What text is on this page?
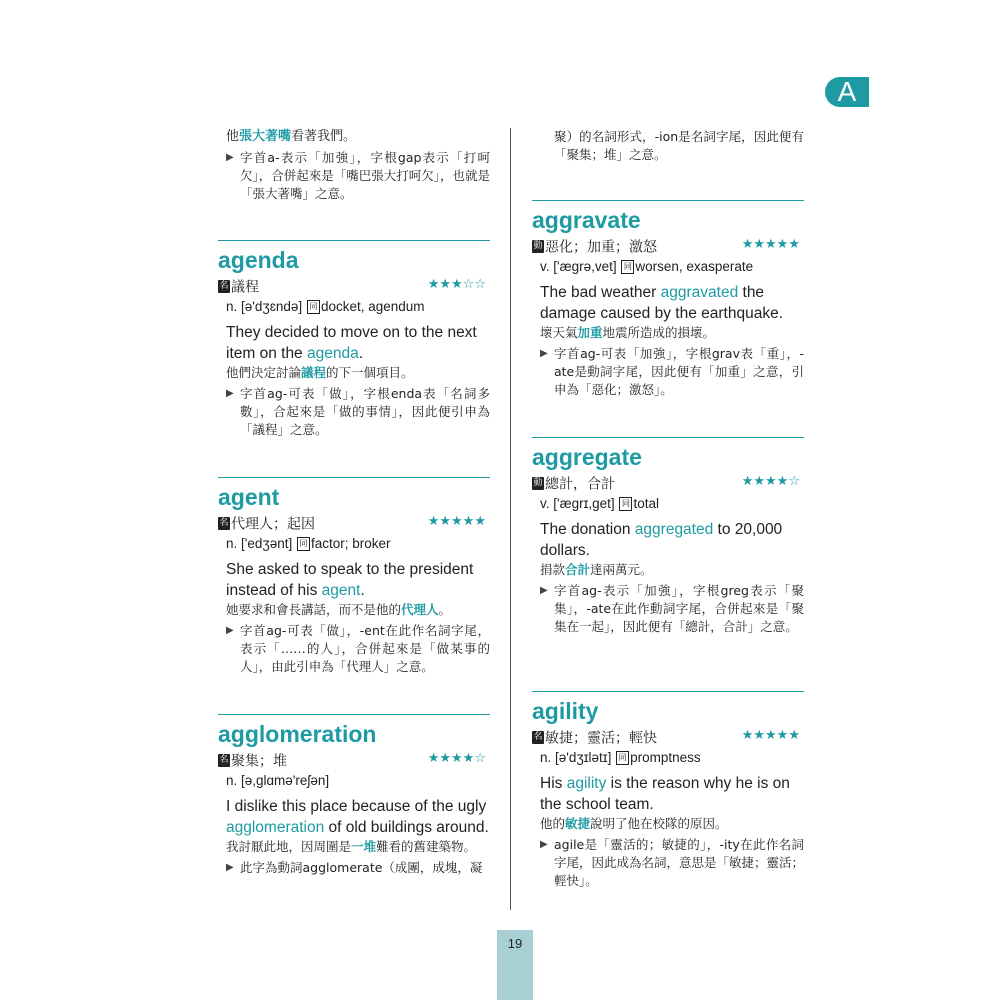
A
19
他張大著嘴看著我們。
▶ 字首a-表示「加強」，字根gap表示「打呵欠」，合併起來是「嘴巴張大打呵欠」，也就是「張大著嘴」之意。
agenda
名 議程	★★★☆☆
n. [ə'dʒɛndə] 同 docket, agendum
They decided to move on to the next item on the agenda.
他們決定討論議程的下一個項目。
▶ 字首ag-可表「做」，字根enda表「名詞多數」，合起來是「做的事情」，因此便引申為「議程」之意。
agent
名 代理人；起因	★★★★★
n. ['edʒənt] 同 factor; broker
She asked to speak to the president instead of his agent.
她要求和會長講話，而不是他的代理人。
▶ 字首ag-可表「做」，-ent在此作名詞字尾，表示「……的人」，合併起來是「做某事的人」，由此引申為「代理人」之意。
agglomeration
名 聚集；堆	★★★★☆
n. [ə,glɑmə'reʃən]
I dislike this place because of the ugly agglomeration of old buildings around.
我討厭此地，因周圍是一堆難看的舊建築物。
▶ 此字為動詞agglomerate（成團，成塊，凝
聚）的名詞形式，-ion是名詞字尾，因此便有「聚集；堆」之意。
aggravate
動 惡化；加重；激怒	★★★★★
v. ['ægrə,vet] 同 worsen, exasperate
The bad weather aggravated the damage caused by the earthquake.
壞天氣加重地震所造成的損壞。
▶ 字首ag-可表「加強」，字根grav表「重」，-ate是動詞字尾，因此便有「加重」之意，引申為「惡化；激怒」。
aggregate
動 總計，合計	★★★★☆
v. ['ægrɪ,get] 同 total
The donation aggregated to 20,000 dollars.
捐款合計達兩萬元。
▶ 字首ag-表示「加強」，字根greg表示「聚集」，-ate在此作動詞字尾，合併起來是「聚集在一起」，因此便有「總計，合計」之意。
agility
名 敏捷；靈活；輕快	★★★★★
n. [ə'dʒɪlətɪ] 同 promptness
His agility is the reason why he is on the school team.
他的敏捷說明了他在校隊的原因。
▶ agile是「靈活的；敏捷的」，-ity在此作名詞字尾，因此成為名詞，意思是「敏捷；靈活；輕快」。
